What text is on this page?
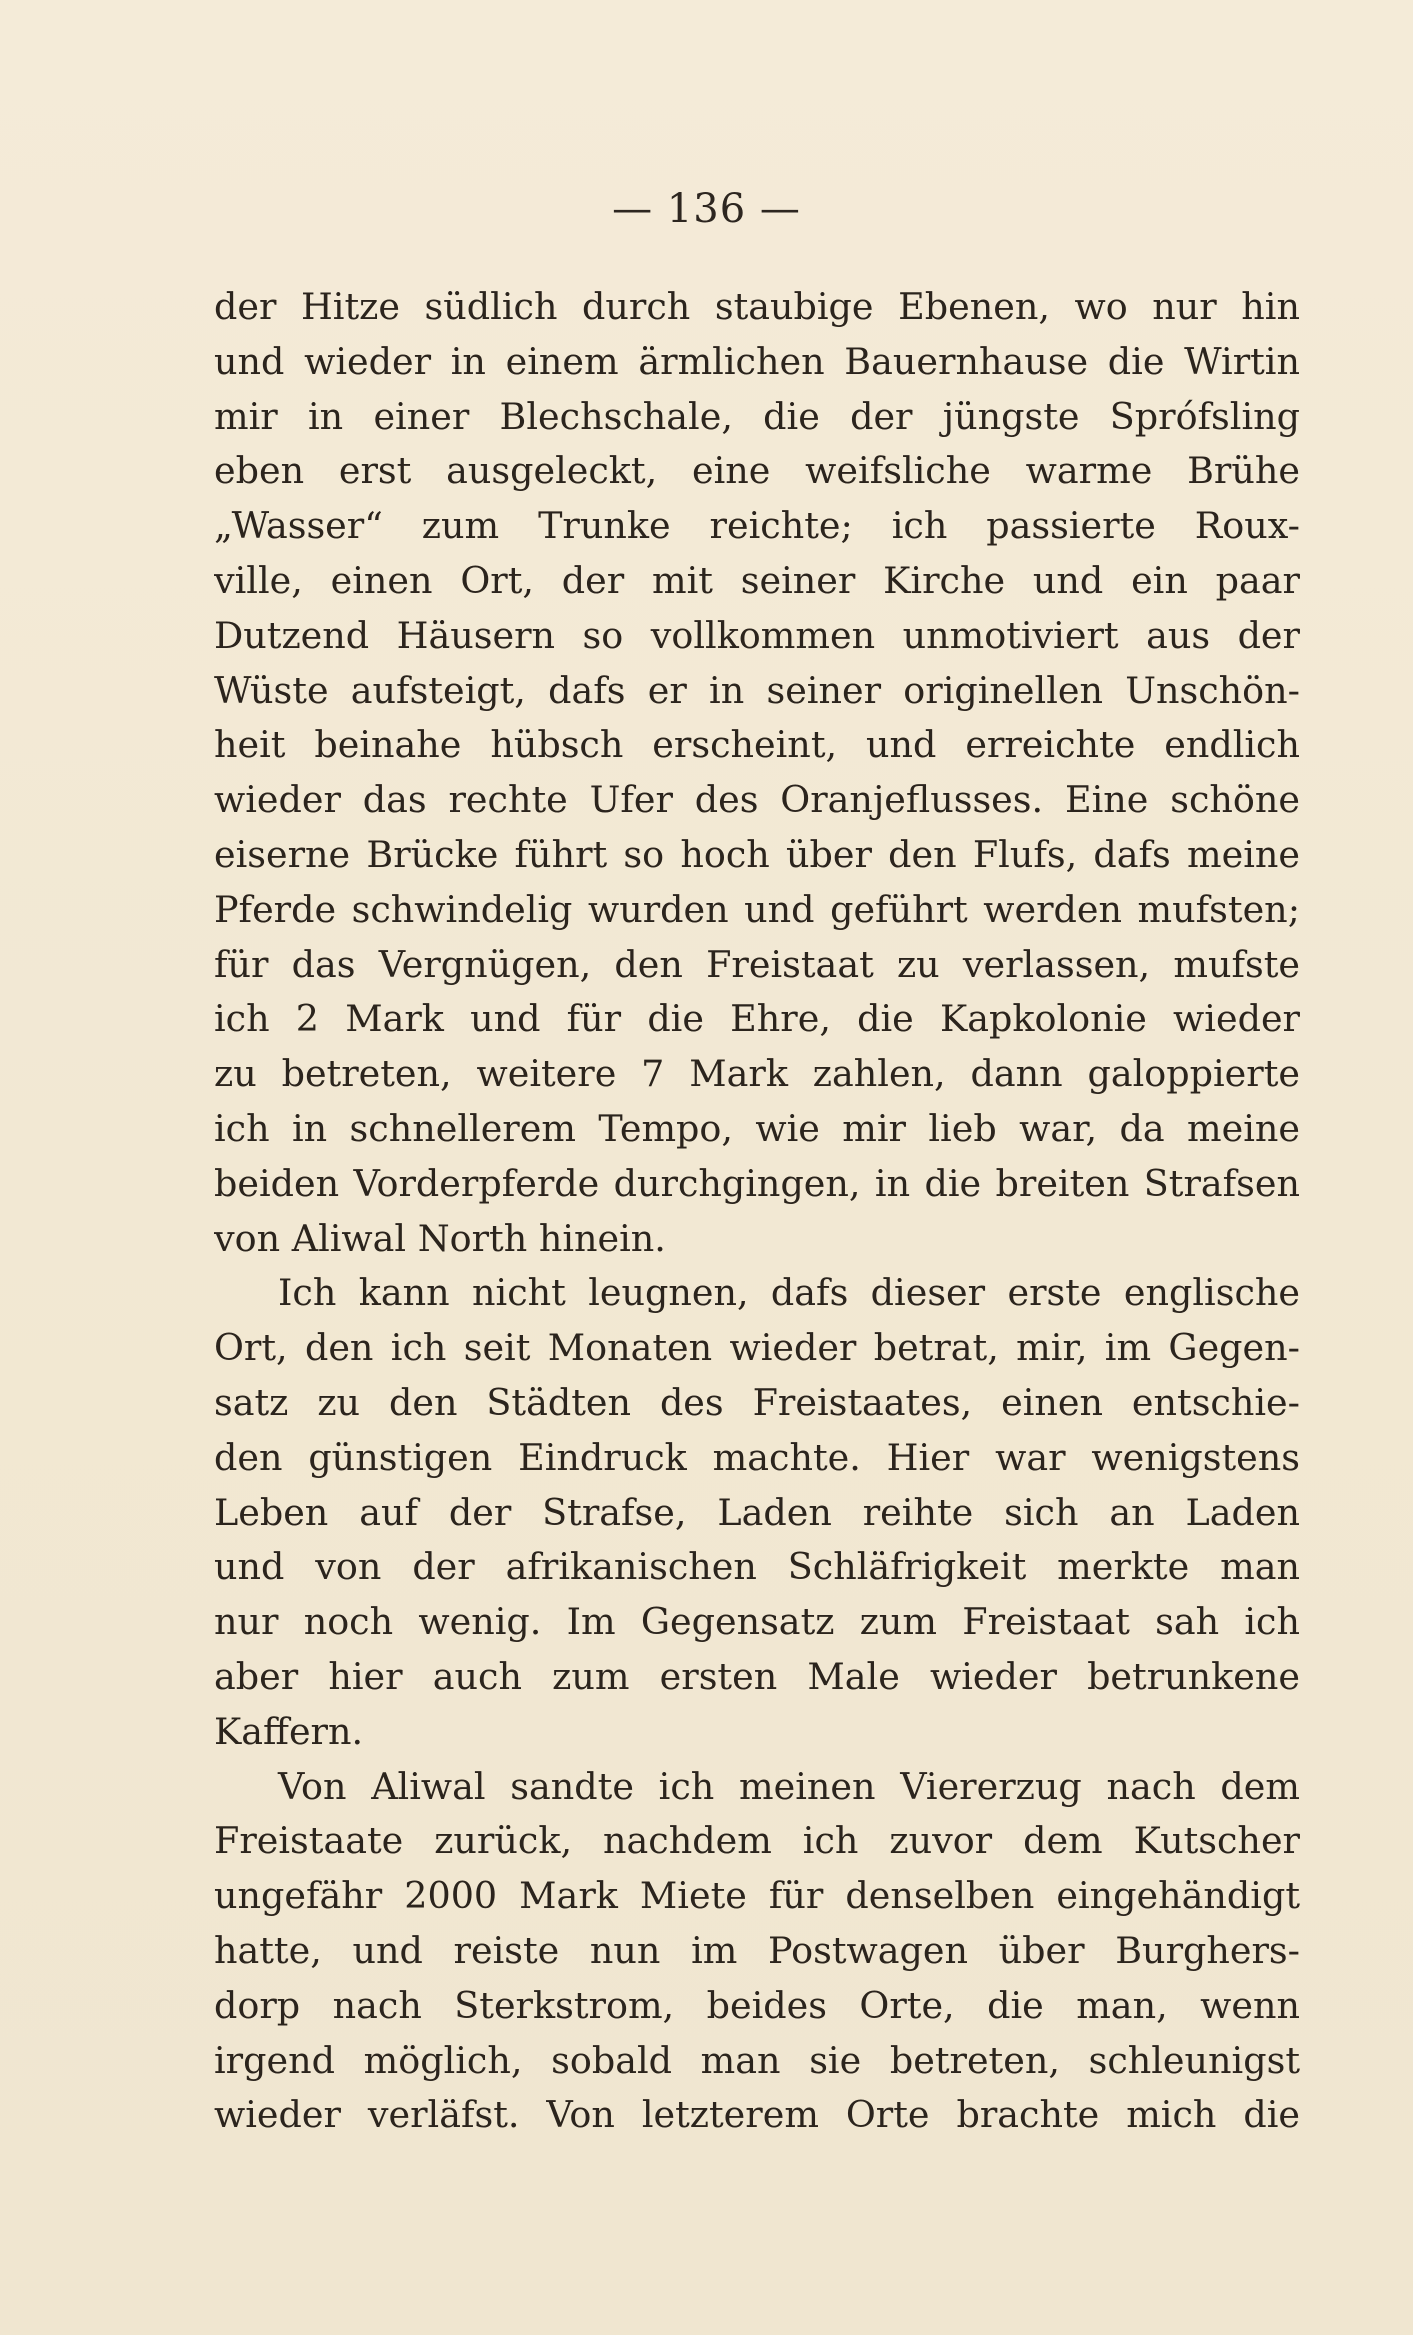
— 136 —
der Hitze südlich durch staubige Ebenen, wo nur hin
und wieder in einem ärmlichen Bauernhause die Wirtin
mir in einer Blechschale, die der jüngste Sprófsling
eben erst ausgeleckt, eine weifsliche warme Brühe
„Wasser“ zum Trunke reichte; ich passierte Roux-
ville, einen Ort, der mit seiner Kirche und ein paar
Dutzend Häusern so vollkommen unmotiviert aus der
Wüste aufsteigt, dafs er in seiner originellen Unschön-
heit beinahe hübsch erscheint, und erreichte endlich
wieder das rechte Ufer des Oranjeflusses. Eine schöne
eiserne Brücke führt so hoch über den Flufs, dafs meine
Pferde schwindelig wurden und geführt werden mufsten;
für das Vergnügen, den Freistaat zu verlassen, mufste
ich 2 Mark und für die Ehre, die Kapkolonie wieder
zu betreten, weitere 7 Mark zahlen, dann galoppierte
ich in schnellerem Tempo, wie mir lieb war, da meine
beiden Vorderpferde durchgingen, in die breiten Strafsen
von Aliwal North hinein.
Ich kann nicht leugnen, dafs dieser erste englische
Ort, den ich seit Monaten wieder betrat, mir, im Gegen-
satz zu den Städten des Freistaates, einen entschie-
den günstigen Eindruck machte. Hier war wenigstens
Leben auf der Strafse, Laden reihte sich an Laden
und von der afrikanischen Schläfrigkeit merkte man
nur noch wenig. Im Gegensatz zum Freistaat sah ich
aber hier auch zum ersten Male wieder betrunkene
Kaffern.
Von Aliwal sandte ich meinen Viererzug nach dem
Freistaate zurück, nachdem ich zuvor dem Kutscher
ungefähr 2000 Mark Miete für denselben eingehändigt
hatte, und reiste nun im Postwagen über Burghers-
dorp nach Sterkstrom, beides Orte, die man, wenn
irgend möglich, sobald man sie betreten, schleunigst
wieder verläfst. Von letzterem Orte brachte mich die
